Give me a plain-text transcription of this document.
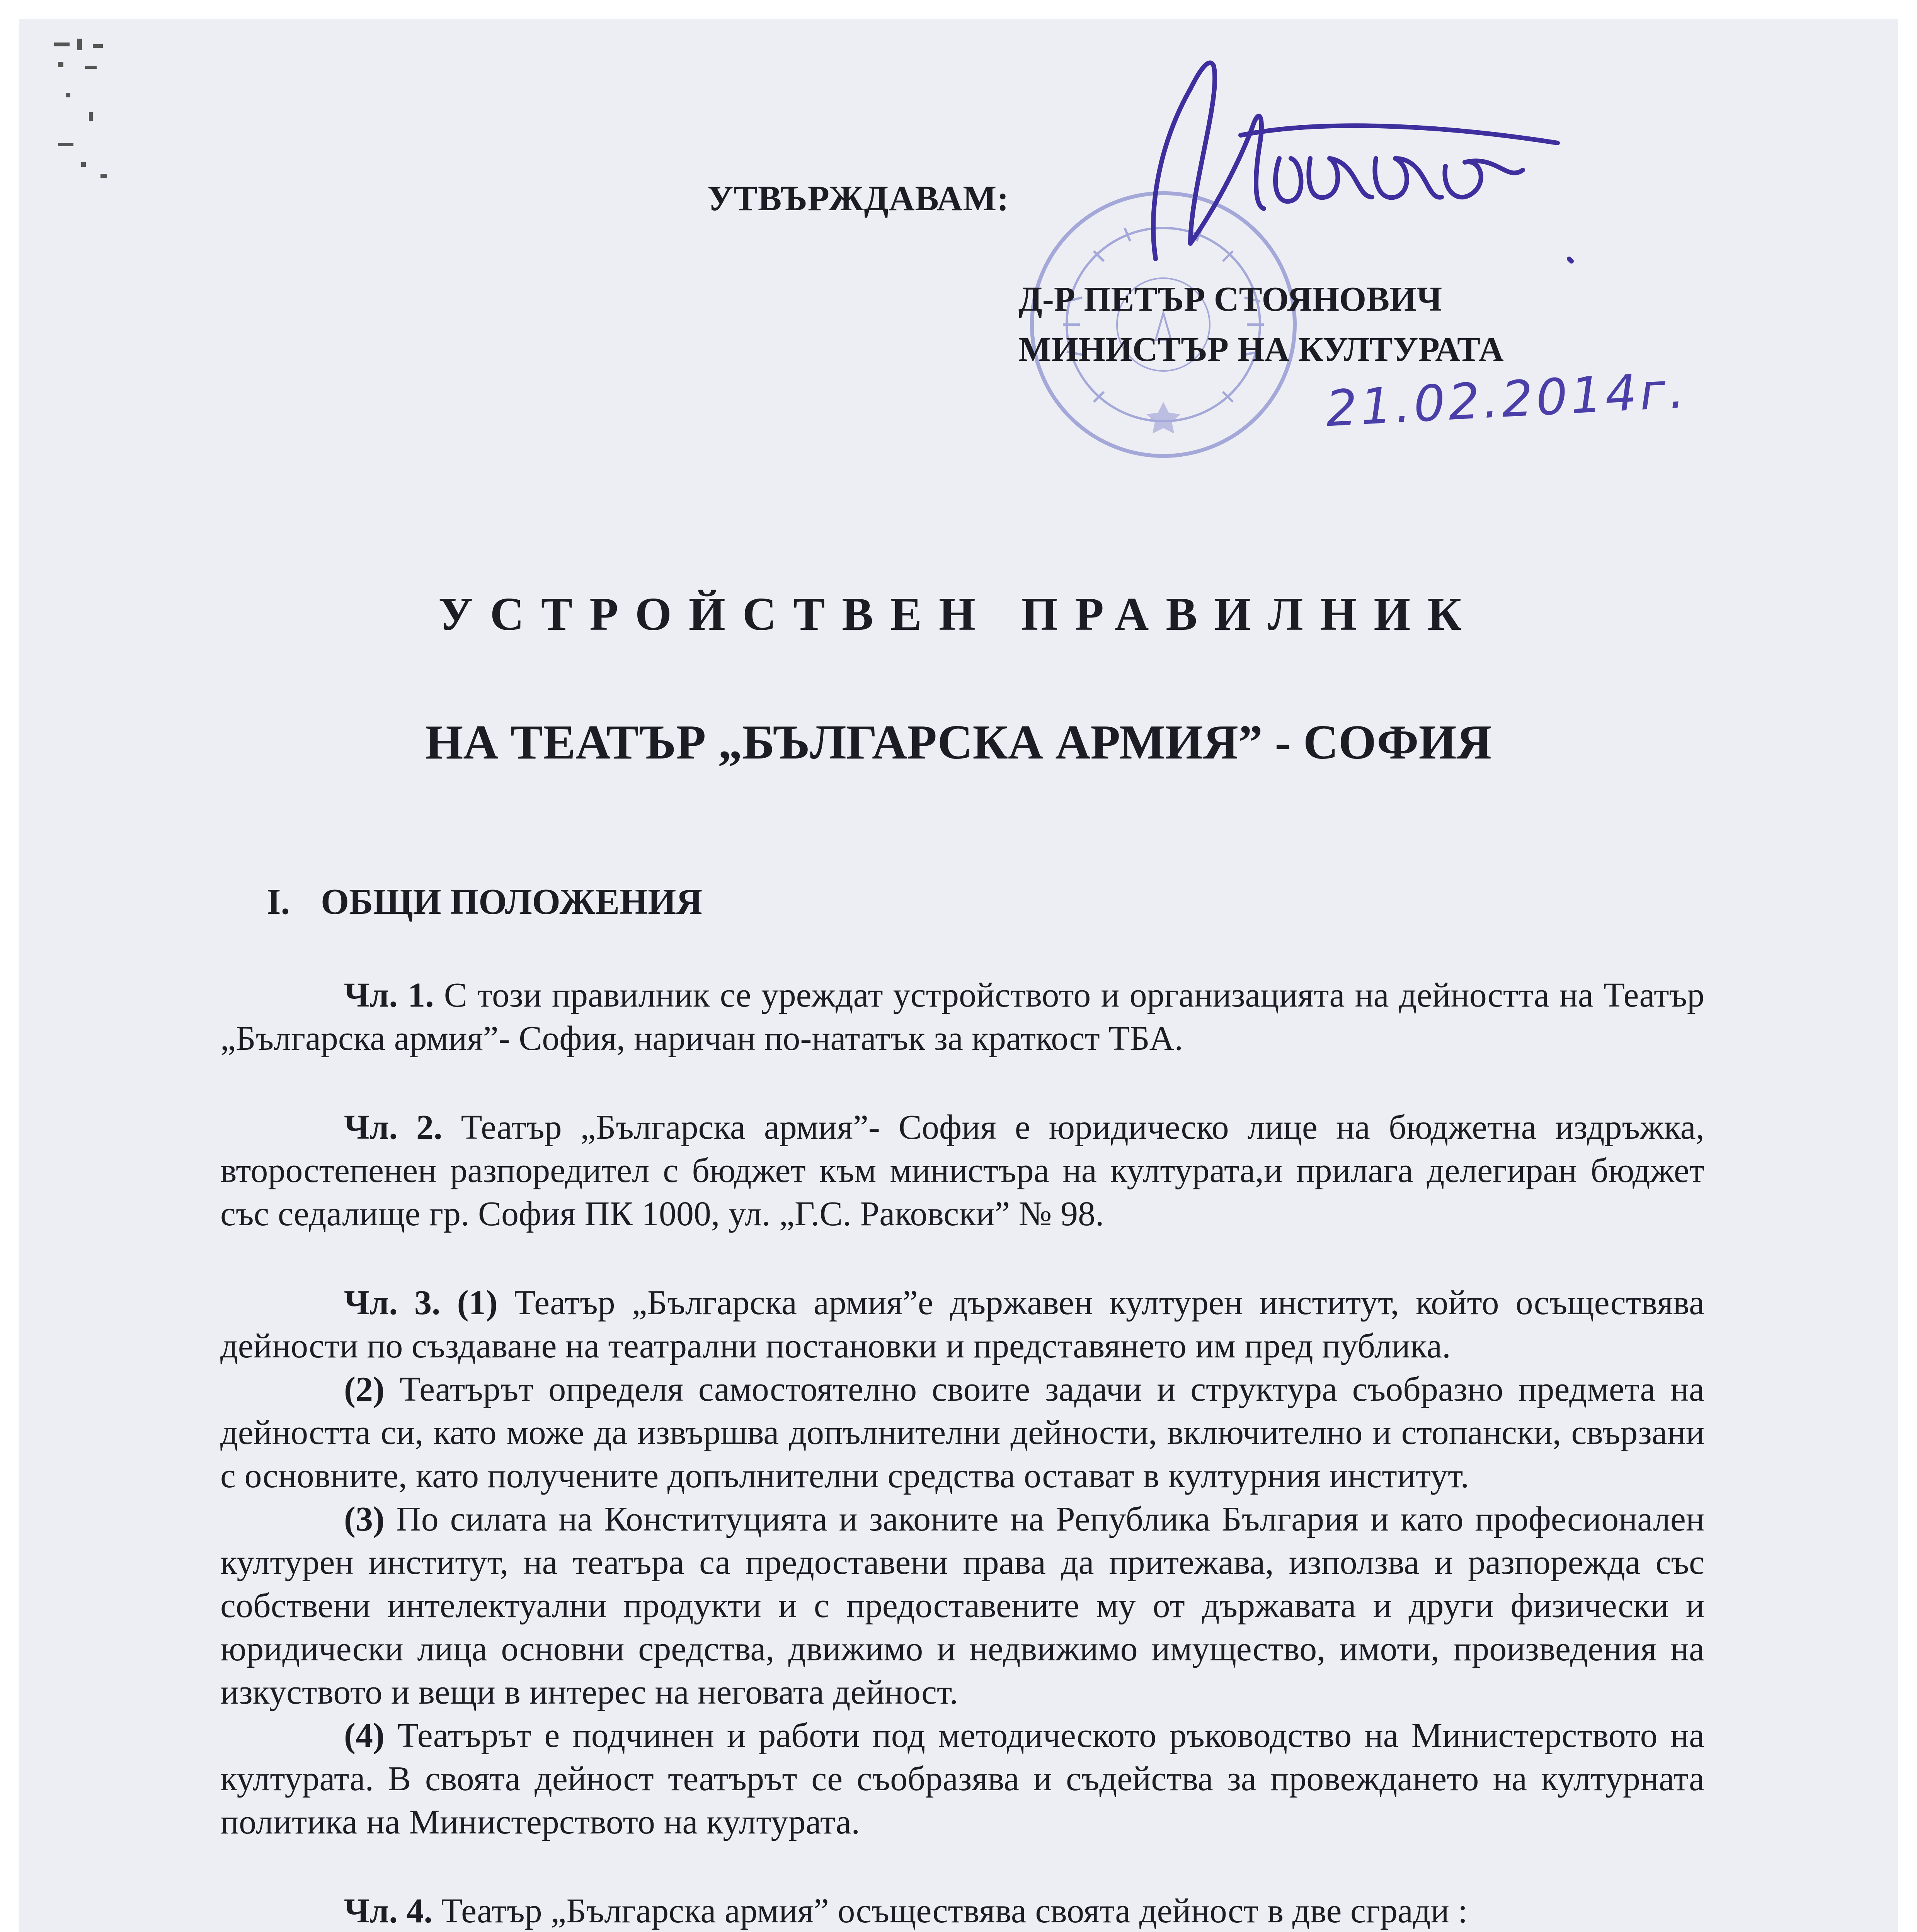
УТВЪРЖДАВАМ:
Д-Р ПЕТЪР СТОЯНОВИЧ
МИНИСТЪР НА КУЛТУРАТА
21.02.2014г.
УСТРОЙСТВЕН ПРАВИЛНИК
НА ТЕАТЪР „БЪЛГАРСКА АРМИЯ” - СОФИЯ
I. ОБЩИ ПОЛОЖЕНИЯ

Чл. 1. С този правилник се уреждат устройството и организацията на дейността на Театър „Българска армия”- София, наричан по-нататък за краткост ТБА.

Чл. 2. Театър „Българска армия”- София е юридическо лице на бюджетна издръжка, второстепенен разпоредител с бюджет към министъра на културата,и прилага делегиран бюджет със седалище гр. София ПК 1000, ул. „Г.С. Раковски” № 98.

Чл. 3. (1) Театър „Българска армия”е държавен културен институт, който осъществява дейности по създаване на театрални постановки и представянето им пред публика.

(2) Театърът определя самостоятелно своите задачи и структура съобразно предмета на дейността си, като може да извършва допълнителни дейности, включително и стопански, свързани с основните, като получените допълнителни средства остават в културния институт.

(3) По силата на Конституцията и законите на Република България и като професионален културен институт, на театъра са предоставени права да притежава, използва и разпорежда със собствени интелектуални продукти и с предоставените му от държавата и други физически и юридически лица основни средства, движимо и недвижимо имущество, имоти, произведения на изкуството и вещи в интерес на неговата дейност.

(4) Театърът е подчинен и работи под методическото ръководство на Министерството на културата. В своята дейност театърът се съобразява и съдейства за провеждането на културната политика на Министерството на културата.

Чл. 4. Театър „Българска армия” осъществява своята дейност в две сгради :
